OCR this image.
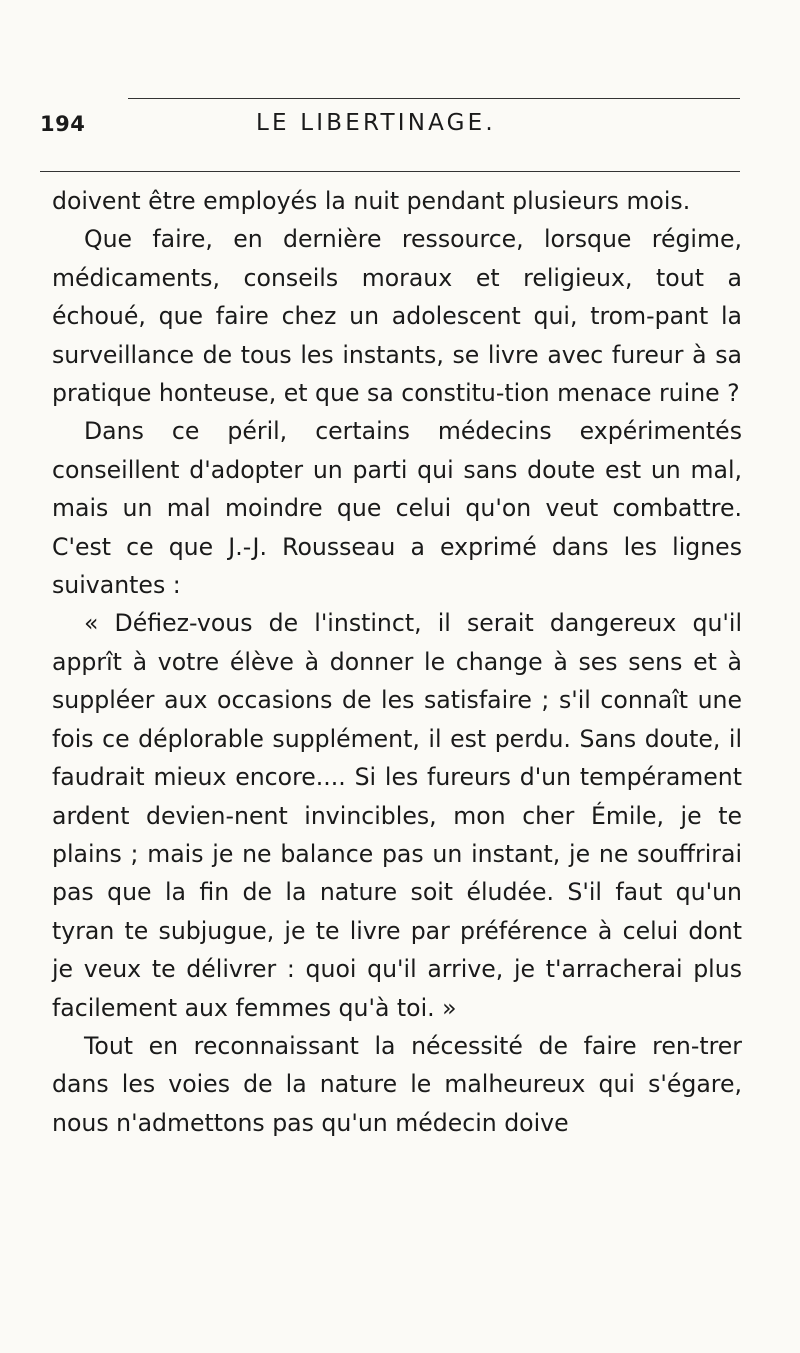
194	LE LIBERTINAGE.

doivent être employés la nuit pendant plusieurs mois.

Que faire, en dernière ressource, lorsque régime, médicaments, conseils moraux et religieux, tout a échoué, que faire chez un adolescent qui, trom-pant la surveillance de tous les instants, se livre avec fureur à sa pratique honteuse, et que sa constitu-tion menace ruine ?

Dans ce péril, certains médecins expérimentés conseillent d'adopter un parti qui sans doute est un mal, mais un mal moindre que celui qu'on veut combattre. C'est ce que J.-J. Rousseau a exprimé dans les lignes suivantes :

« Défiez-vous de l'instinct, il serait dangereux qu'il apprît à votre élève à donner le change à ses sens et à suppléer aux occasions de les satisfaire ; s'il connaît une fois ce déplorable supplément, il est perdu. Sans doute, il faudrait mieux encore.... Si les fureurs d'un tempérament ardent devien-nent invincibles, mon cher Émile, je te plains ; mais je ne balance pas un instant, je ne souffrirai pas que la fin de la nature soit éludée. S'il faut qu'un tyran te subjugue, je te livre par préférence à celui dont je veux te délivrer : quoi qu'il arrive, je t'arracherai plus facilement aux femmes qu'à toi. »

Tout en reconnaissant la nécessité de faire ren-trer dans les voies de la nature le malheureux qui s'égare, nous n'admettons pas qu'un médecin doive
